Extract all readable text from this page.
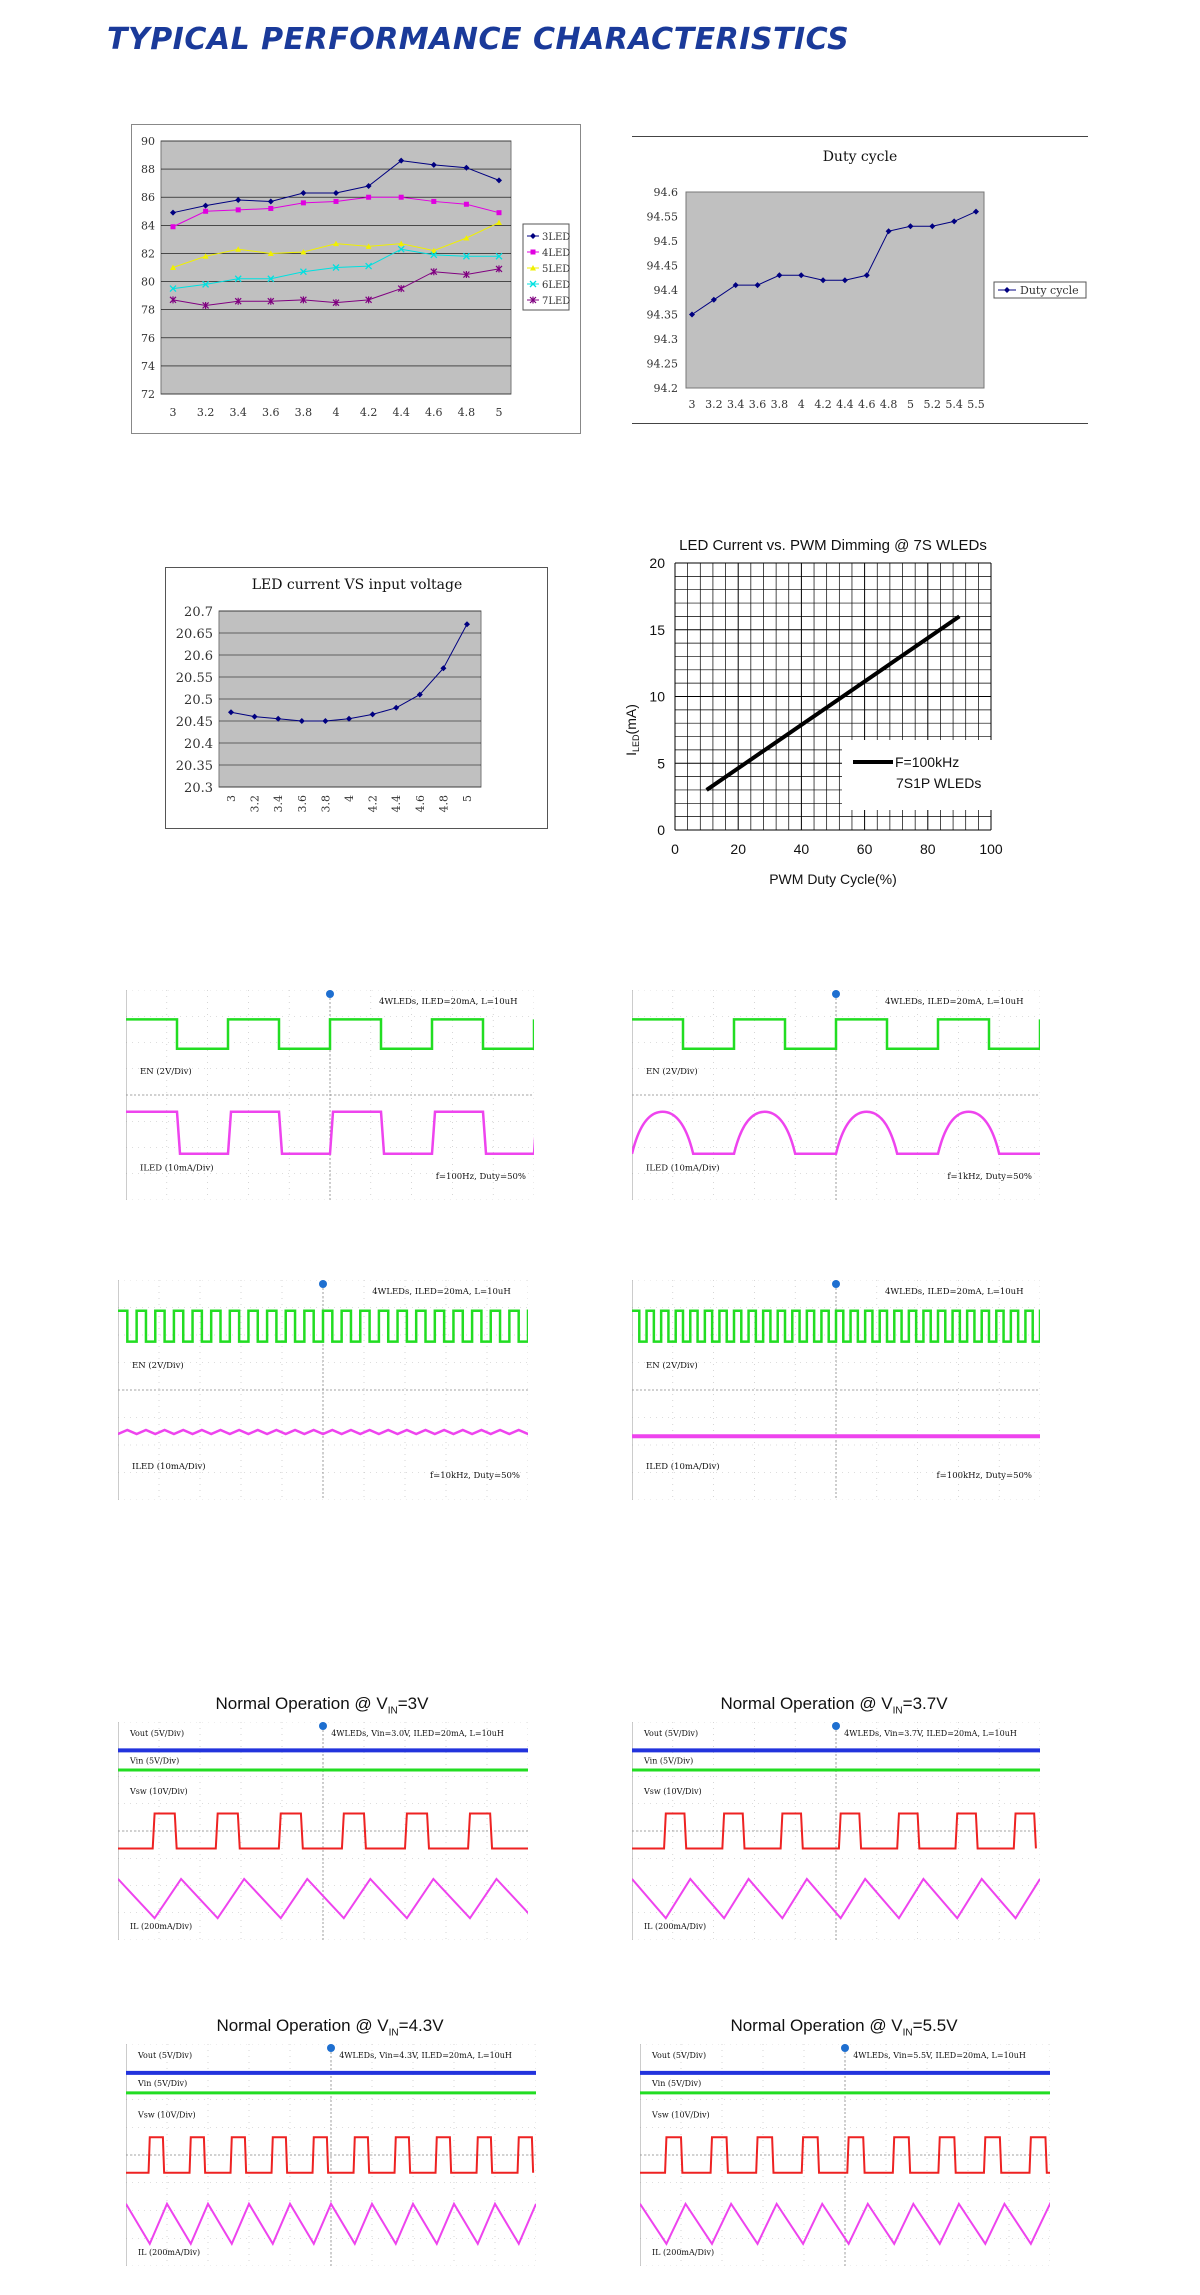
TYPICAL PERFORMANCE CHARACTERISTICS
72
74
76
78
80
82
84
86
88
90
3 3.2 3.4 3.6 3.8 4 4.2 4.4 4.6 4.8 5
3LED
4LED
5LED
6LED
7LED
Duty cycle
94.2
94.25
94.3
94.35
94.4
94.45
94.5
94.55
94.6
3 3.2 3.4 3.6 3.8 4 4.2 4.4 4.6 4.8 5 5.2 5.4 5.5
Duty cycle
LED current VS input voltage
20.3
20.35
20.4
20.45
20.5
20.55
20.6
20.65
20.7
3 3.2 3.4 3.6 3.8 4 4.2 4.4 4.6 4.8 5
LED Current vs. PWM Dimming @ 7S WLEDs
0
5
10
15
20
0	20	40	60	80	100
PWM Duty Cycle(%)
$I_{LED}(mA)$
F=100kHz
7S1P WLEDs
4WLEDs, ILED=20mA, L=10uH
EN (2V/Div)
ILED (10mA/Div)
f=100Hz, Duty=50%
4WLEDs, ILED=20mA, L=10uH
EN (2V/Div)
ILED (10mA/Div)
f=1kHz, Duty=50%
4WLEDs, ILED=20mA, L=10uH
EN (2V/Div)
ILED (10mA/Div)
f=10kHz, Duty=50%
4WLEDs, ILED=20mA, L=10uH
EN (2V/Div)
ILED (10mA/Div)
f=100kHz, Duty=50%
Normal Operation @ $V_{IN}=3V$
4WLEDs, Vin=3.0V, ILED=20mA, L=10uH
Vout (5V/Div)
Vin (5V/Div)
Vsw (10V/Div)
IL (200mA/Div)
Normal Operation @ $V_{IN}=3.7V$
4WLEDs, Vin=3.7V, ILED=20mA, L=10uH
Vout (5V/Div)
Vin (5V/Div)
Vsw (10V/Div)
IL (200mA/Div)
Normal Operation @ $V_{IN}=4.3V$
4WLEDs, Vin=4.3V, ILED=20mA, L=10uH
Vout (5V/Div)
Vin (5V/Div)
Vsw (10V/Div)
IL (200mA/Div)
Normal Operation @ $V_{IN}=5.5V$
4WLEDs, Vin=5.5V, ILED=20mA, L=10uH
Vout (5V/Div)
Vin (5V/Div)
Vsw (10V/Div)
IL (200mA/Div)
